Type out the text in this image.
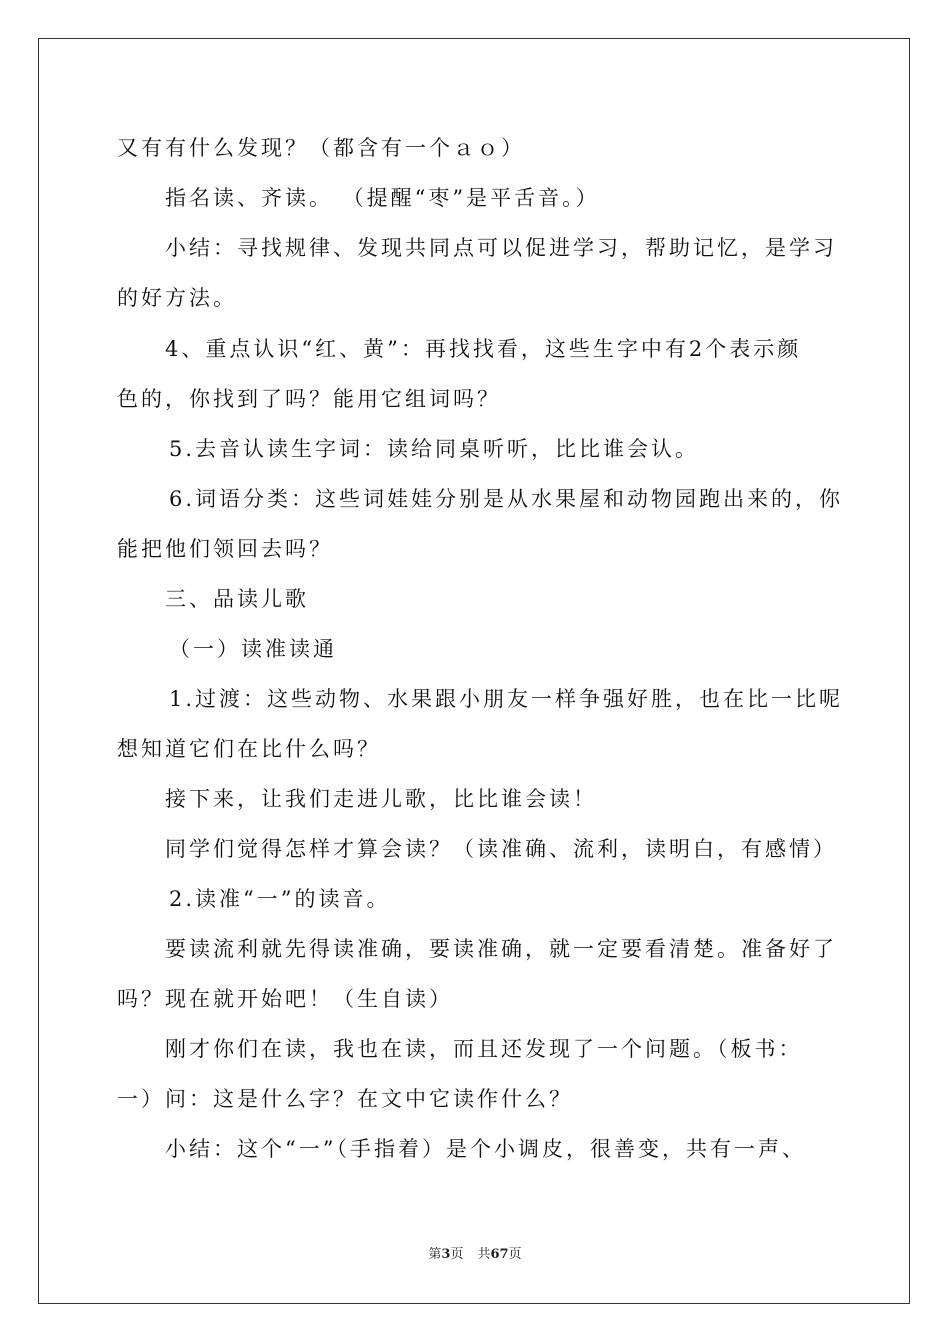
又有有什么发现？（都含有一个ａｏ）
指名读、齐读。 （提醒“枣”是平舌音。）
小结：寻找规律、发现共同点可以促进学习，帮助记忆，是学习
的好方法。
4、重点认识“红、黄”：再找找看，这些生字中有2个表示颜
色的，你找到了吗？能用它组词吗？
5.去音认读生字词：读给同桌听听，比比谁会认。
6.词语分类：这些词娃娃分别是从水果屋和动物园跑出来的，你
能把他们领回去吗？
三、品读儿歌
（一）读准读通
1.过渡：这些动物、水果跟小朋友一样争强好胜，也在比一比呢
想知道它们在比什么吗？
接下来，让我们走进儿歌，比比谁会读！
同学们觉得怎样才算会读？（读准确、流利，读明白，有感情）
2.读准“一”的读音。
要读流利就先得读准确，要读准确，就一定要看清楚。准备好了
吗？现在就开始吧！（生自读）
刚才你们在读，我也在读，而且还发现了一个问题。（板书：
一）问：这是什么字？在文中它读作什么？
小结：这个“一”（手指着）是个小调皮，很善变，共有一声、
第3页 共67页
